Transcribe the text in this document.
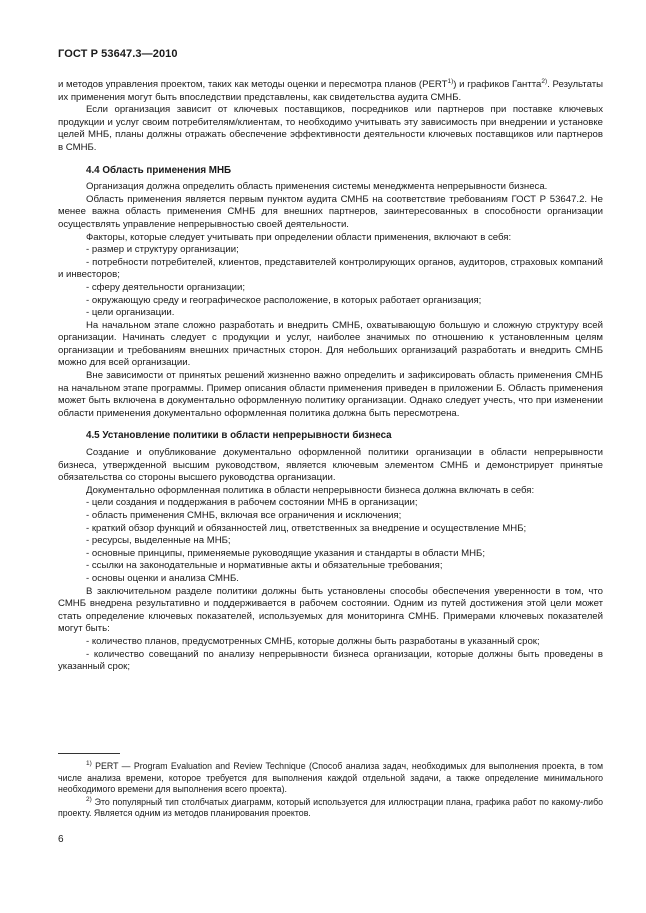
ГОСТ Р 53647.3—2010

и методов управления проектом, таких как методы оценки и пересмотра планов (PERT$^{1)}$) и графиков Гантта$^{2)}$. Результаты их применения могут быть впоследствии представлены, как свидетельства аудита СМНБ.

Если организация зависит от ключевых поставщиков, посредников или партнеров при поставке ключевых продукции и услуг своим потребителям/клиентам, то необходимо учитывать эту зависимость при внедрении и установке целей МНБ, планы должны отражать обеспечение эффективности деятельности ключевых поставщиков или партнеров в СМНБ.

4.4 Область применения МНБ

Организация должна определить область применения системы менеджмента непрерывности бизнеса.

Область применения является первым пунктом аудита СМНБ на соответствие требованиям ГОСТ Р 53647.2. Не менее важна область применения СМНБ для внешних партнеров, заинтересованных в способности организации осуществлять управление непрерывностью своей деятельности.

Факторы, которые следует учитывать при определении области применения, включают в себя:

- размер и структуру организации;

- потребности потребителей, клиентов, представителей контролирующих органов, аудиторов, страховых компаний и инвесторов;

- сферу деятельности организации;

- окружающую среду и географическое расположение, в которых работает организация;

- цели организации.

На начальном этапе сложно разработать и внедрить СМНБ, охватывающую большую и сложную структуру всей организации. Начинать следует с продукции и услуг, наиболее значимых по отношению к установленным целям организации и требованиям внешних причастных сторон. Для небольших организаций разработать и внедрить СМНБ можно для всей организации.

Вне зависимости от принятых решений жизненно важно определить и зафиксировать область применения СМНБ на начальном этапе программы. Пример описания области применения приведен в приложении Б. Область применения может быть включена в документально оформленную политику организации. Однако следует учесть, что при изменении области применения документально оформленная политика должна быть пересмотрена.

4.5 Установление политики в области непрерывности бизнеса

Создание и опубликование документально оформленной политики организации в области непрерывности бизнеса, утвержденной высшим руководством, является ключевым элементом СМНБ и демонстрирует принятые обязательства со стороны высшего руководства организации.

Документально оформленная политика в области непрерывности бизнеса должна включать в себя:

- цели создания и поддержания в рабочем состоянии МНБ в организации;

- область применения СМНБ, включая все ограничения и исключения;

- краткий обзор функций и обязанностей лиц, ответственных за внедрение и осуществление МНБ;

- ресурсы, выделенные на МНБ;

- основные принципы, применяемые руководящие указания и стандарты в области МНБ;

- ссылки на законодательные и нормативные акты и обязательные требования;

- основы оценки и анализа СМНБ.

В заключительном разделе политики должны быть установлены способы обеспечения уверенности в том, что СМНБ внедрена результативно и поддерживается в рабочем состоянии. Одним из путей достижения этой цели может стать определение ключевых показателей, используемых для мониторинга СМНБ. Примерами ключевых показателей могут быть:

- количество планов, предусмотренных СМНБ, которые должны быть разработаны в указанный срок;

- количество совещаний по анализу непрерывности бизнеса организации, которые должны быть проведены в указанный срок;

$^{1)}$ PERT — Program Evaluation and Review Technique (Способ анализа задач, необходимых для выполнения проекта, в том числе анализа времени, которое требуется для выполнения каждой отдельной задачи, а также определение минимального необходимого времени для выполнения всего проекта).

$^{2)}$ Это популярный тип столбчатых диаграмм, который используется для иллюстрации плана, графика работ по какому-либо проекту. Является одним из методов планирования проектов.

6
